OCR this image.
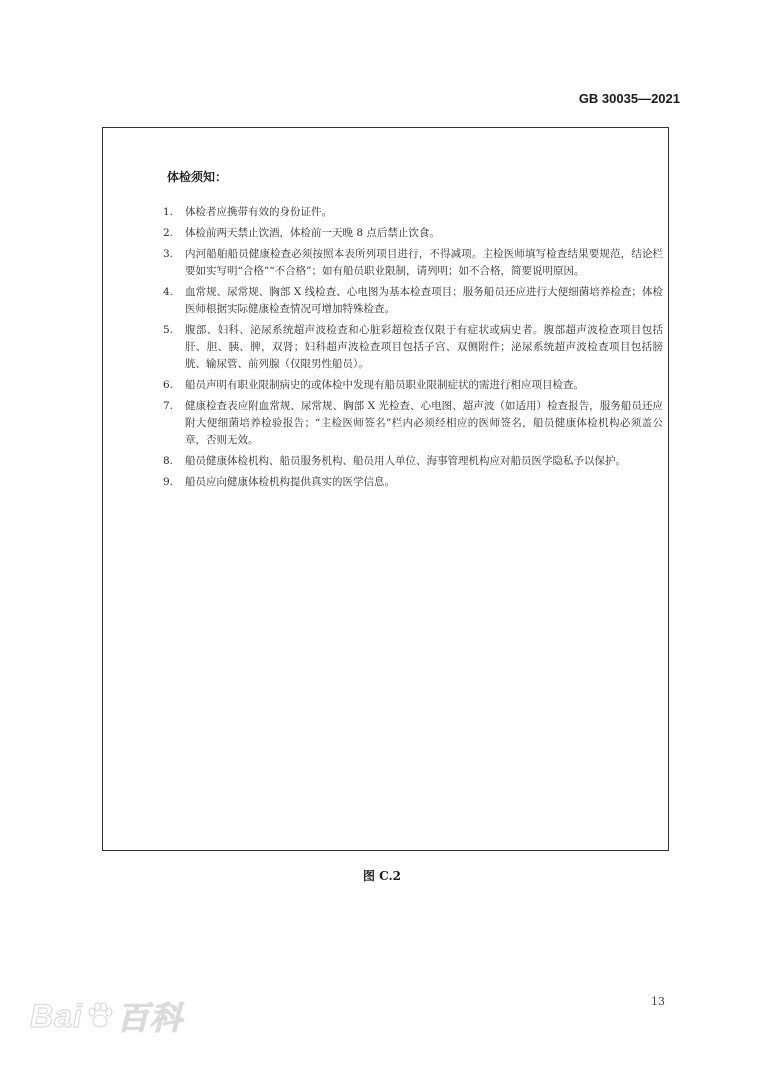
GB 30035—2021
体检须知：
1.	体检者应携带有效的身份证件。
2.	体检前两天禁止饮酒，体检前一天晚 8 点后禁止饮食。
3.	内河船舶船员健康检查必须按照本表所列项目进行，不得减项。主检医师填写检查结果要规范，结论栏要如实写明“合格”“不合格”；如有船员职业限制，请列明；如不合格，简要说明原因。
4.	血常规、尿常规、胸部 X 线检查、心电图为基本检查项目；服务船员还应进行大便细菌培养检查；体检医师根据实际健康检查情况可增加特殊检查。
5.	腹部、妇科、泌尿系统超声波检查和心脏彩超检查仅限于有症状或病史者。腹部超声波检查项目包括肝、胆、胰、脾，双肾；妇科超声波检查项目包括子宫、双侧附件；泌尿系统超声波检查项目包括膀胱、输尿管、前列腺（仅限男性船员）。
6.	船员声明有职业限制病史的或体检中发现有船员职业限制症状的需进行相应项目检查。
7.	健康检查表应附血常规、尿常规、胸部 X 光检查、心电图、超声波（如适用）检查报告，服务船员还应附大便细菌培养检验报告；“主检医师签名”栏内必须经相应的医师签名，船员健康体检机构必须盖公章，否则无效。
8.	船员健康体检机构、船员服务机构、船员用人单位、海事管理机构应对船员医学隐私予以保护。
9.	船员应向健康体检机构提供真实的医学信息。
图 C.2
Bai 百科	13
